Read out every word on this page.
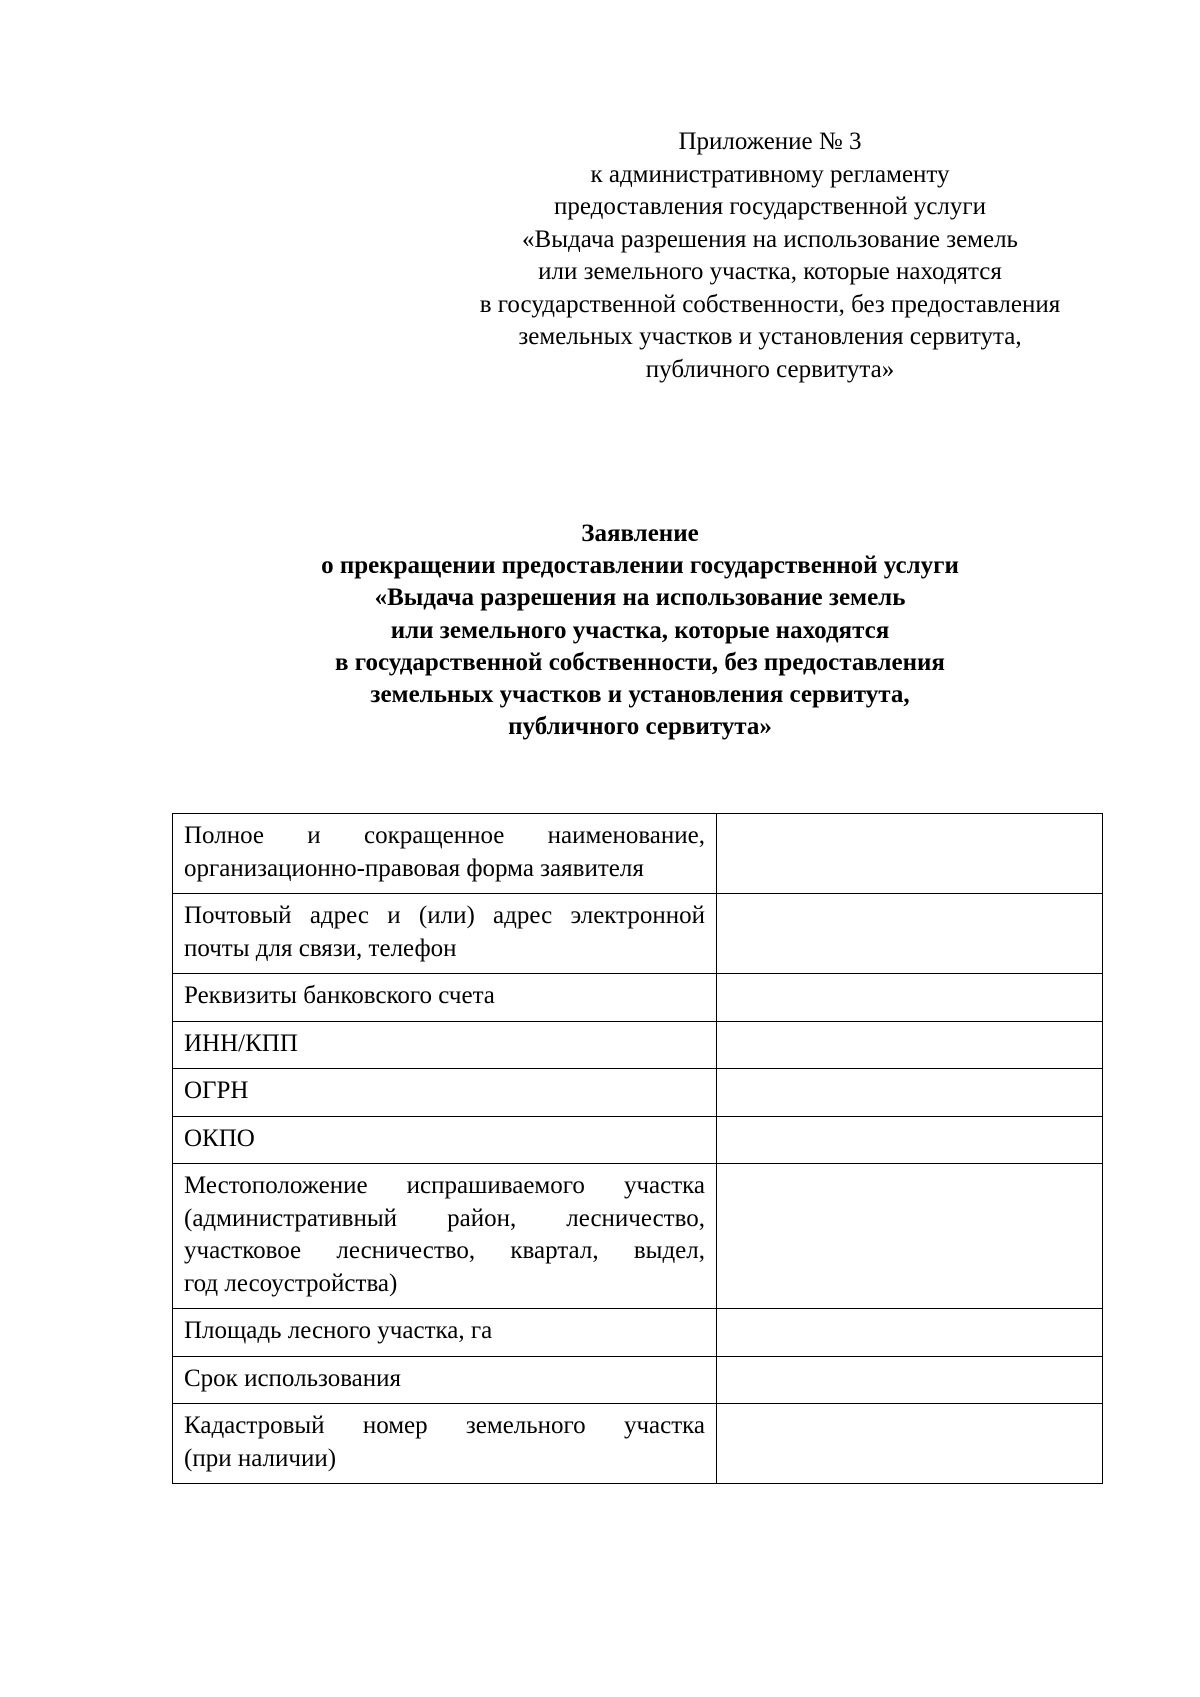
Приложение № 3
к административному регламенту
предоставления государственной услуги
«Выдача разрешения на использование земель
или земельного участка, которые находятся
в государственной собственности, без предоставления
земельных участков и установления сервитута,
публичного сервитута»
Заявление
о прекращении предоставлении государственной услуги
«Выдача разрешения на использование земель
или земельного участка, которые находятся
в государственной собственности, без предоставления
земельных участков и установления сервитута,
публичного сервитута»
Полное и сокращенное наименование,
организационно-правовая форма заявителя	

Почтовый адрес и (или) адрес электронной
почты для связи, телефон	

Реквизиты банковского счета	

ИНН/КПП	

ОГРН	

ОКПО	

Местоположение испрашиваемого участка
(административный район, лесничество,
участковое лесничество, квартал, выдел,
год лесоустройства)	

Площадь лесного участка, га	

Срок использования	

Кадастровый номер земельного участка
(при наличии)	
